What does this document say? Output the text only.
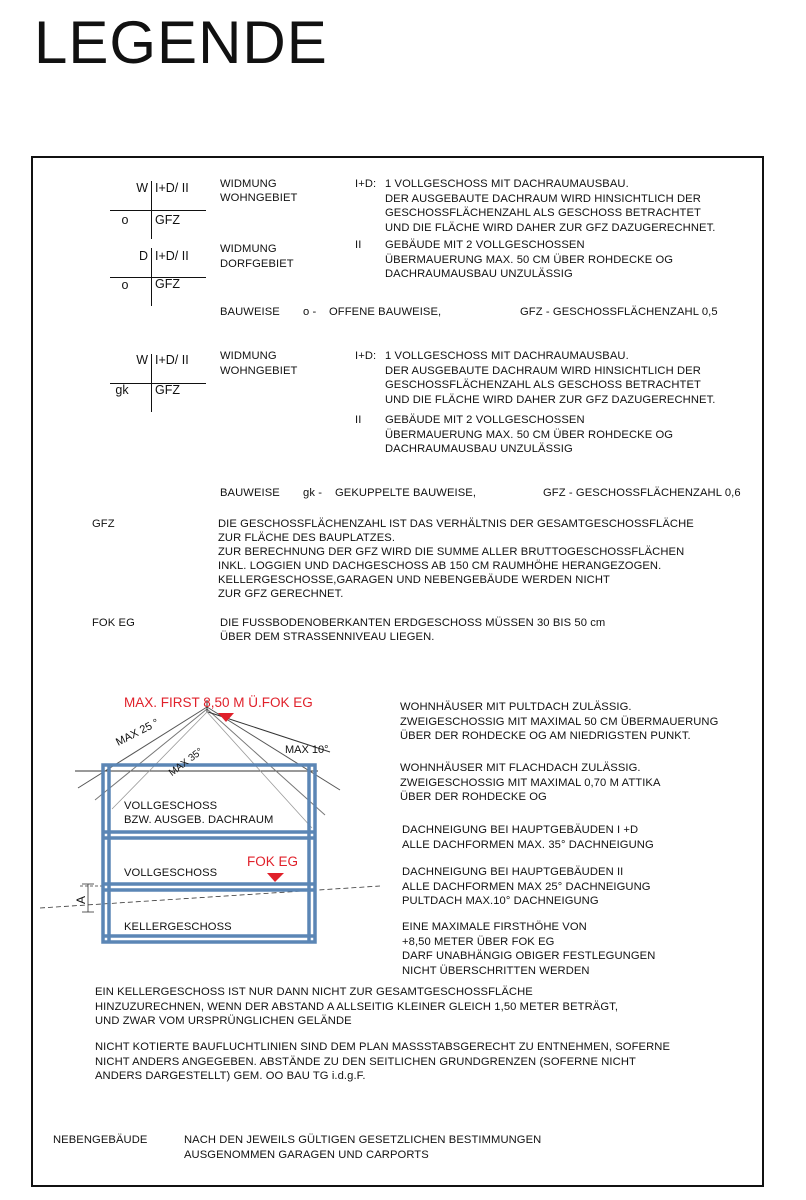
LEGENDE
W I+D/ II
o	GFZ
WIDMUNG
WOHNGEBIET
I+D: 1 VOLLGESCHOSS MIT DACHRAUMAUSBAU.
DER AUSGEBAUTE DACHRAUM WIRD HINSICHTLICH DER
GESCHOSSFLÄCHENZAHL ALS GESCHOSS BETRACHTET
UND DIE FLÄCHE WIRD DAHER ZUR GFZ DAZUGERECHNET.
D I+D/ II
o	GFZ
WIDMUNG
DORFGEBIET
II GEBÄUDE MIT 2 VOLLGESCHOSSEN
ÜBERMAUERUNG MAX. 50 CM ÜBER ROHDECKE OG
DACHRAUMAUSBAU UNZULÄSSIG
BAUWEISE o - OFFENE BAUWEISE,	GFZ - GESCHOSSFLÄCHENZAHL 0,5
W I+D/ II
gk	GFZ
WIDMUNG
WOHNGEBIET
I+D: 1 VOLLGESCHOSS MIT DACHRAUMAUSBAU.
DER AUSGEBAUTE DACHRAUM WIRD HINSICHTLICH DER
GESCHOSSFLÄCHENZAHL ALS GESCHOSS BETRACHTET
UND DIE FLÄCHE WIRD DAHER ZUR GFZ DAZUGERECHNET.
II GEBÄUDE MIT 2 VOLLGESCHOSSEN
ÜBERMAUERUNG MAX. 50 CM ÜBER ROHDECKE OG
DACHRAUMAUSBAU UNZULÄSSIG
BAUWEISE gk - GEKUPPELTE BAUWEISE,	GFZ - GESCHOSSFLÄCHENZAHL 0,6
GFZ	DIE GESCHOSSFLÄCHENZAHL IST DAS VERHÄLTNIS DER GESAMTGESCHOSSFLÄCHE
ZUR FLÄCHE DES BAUPLATZES.
ZUR BERECHNUNG DER GFZ WIRD DIE SUMME ALLER BRUTTOGESCHOSSFLÄCHEN
INKL. LOGGIEN UND DACHGESCHOSS AB 150 CM RAUMHÖHE HERANGEZOGEN.
KELLERGESCHOSSE,GARAGEN UND NEBENGEBÄUDE WERDEN NICHT
ZUR GFZ GERECHNET.
FOK EG	DIE FUSSBODENOBERKANTEN ERDGESCHOSS MÜSSEN 30 BIS 50 cm
ÜBER DEM STRASSENNIVEAU LIEGEN.
MAX. FIRST 8,50 M Ü.FOK EG
MAX 25 °
MAX 35°	MAX 10°
VOLLGESCHOSS
BZW. AUSGEB. DACHRAUM
VOLLGESCHOSS
FOK EG
KELLERGESCHOSS
A
WOHNHÄUSER MIT PULTDACH ZULÄSSIG.
ZWEIGESCHOSSIG MIT MAXIMAL 50 CM ÜBERMAUERUNG
ÜBER DER ROHDECKE OG AM NIEDRIGSTEN PUNKT.
WOHNHÄUSER MIT FLACHDACH ZULÄSSIG.
ZWEIGESCHOSSIG MIT MAXIMAL 0,70 M ATTIKA
ÜBER DER ROHDECKE OG
DACHNEIGUNG BEI HAUPTGEBÄUDEN I +D
ALLE DACHFORMEN MAX. 35° DACHNEIGUNG
DACHNEIGUNG BEI HAUPTGEBÄUDEN II
ALLE DACHFORMEN MAX 25° DACHNEIGUNG
PULTDACH MAX.10° DACHNEIGUNG
EINE MAXIMALE FIRSTHÖHE VON
+8,50 METER ÜBER FOK EG
DARF UNABHÄNGIG OBIGER FESTLEGUNGEN
NICHT ÜBERSCHRITTEN WERDEN
EIN KELLERGESCHOSS IST NUR DANN NICHT ZUR GESAMTGESCHOSSFLÄCHE
HINZUZURECHNEN, WENN DER ABSTAND A ALLSEITIG KLEINER GLEICH 1,50 METER BETRÄGT,
UND ZWAR VOM URSPRÜNGLICHEN GELÄNDE
NICHT KOTIERTE BAUFLUCHTLINIEN SIND DEM PLAN MASSSTABSGERECHT ZU ENTNEHMEN, SOFERNE
NICHT ANDERS ANGEGEBEN. ABSTÄNDE ZU DEN SEITLICHEN GRUNDGRENZEN (SOFERNE NICHT
ANDERS DARGESTELLT) GEM. OO BAU TG i.d.g.F.
NEBENGEBÄUDE	NACH DEN JEWEILS GÜLTIGEN GESETZLICHEN BESTIMMUNGEN
AUSGENOMMEN GARAGEN UND CARPORTS
